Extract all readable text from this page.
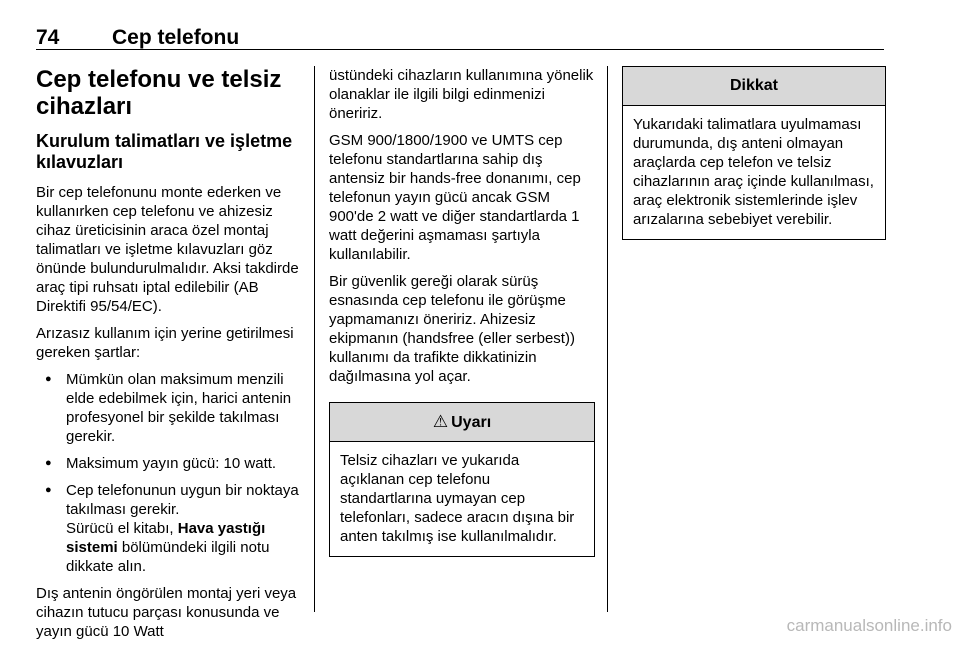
74	Cep telefonu
Cep telefonu ve telsiz cihazları
Kurulum talimatları ve işletme kılavuzları

Bir cep telefonunu monte ederken ve kullanırken cep telefonu ve ahizesiz cihaz üreticisinin araca özel montaj talimatları ve işletme kılavuzları göz önünde bulundurulmalıdır. Aksi takdirde araç tipi ruhsatı iptal edilebilir (AB Direktifi 95/54/EC).

Arızasız kullanım için yerine getirilmesi gereken şartlar:

● Mümkün olan maksimum menzili elde edebilmek için, harici antenin profesyonel bir şekilde takılması gerekir.
● Maksimum yayın gücü: 10 watt.
● Cep telefonunun uygun bir noktaya takılması gerekir.
Sürücü el kitabı, Hava yastığı sistemi bölümündeki ilgili notu dikkate alın.

Dış antenin öngörülen montaj yeri veya cihazın tutucu parçası konusunda ve yayın gücü 10 Watt

üstündeki cihazların kullanımına yönelik olanaklar ile ilgili bilgi edinmenizi öneririz.

GSM 900/1800/1900 ve UMTS cep telefonu standartlarına sahip dış antensiz bir hands-free donanımı, cep telefonun yayın gücü ancak GSM 900'de 2 watt ve diğer standartlarda 1 watt değerini aşmaması şartıyla kullanılabilir.

Bir güvenlik gereği olarak sürüş esnasında cep telefonu ile görüşme yapmamanızı öneririz. Ahizesiz ekipmanın (handsfree (eller serbest)) kullanımı da trafikte dikkatinizin dağılmasına yol açar.

⚠ Uyarı

Telsiz cihazları ve yukarıda açıklanan cep telefonu standartlarına uymayan cep telefonları, sadece aracın dışına bir anten takılmış ise kullanılmalıdır.

Dikkat

Yukarıdaki talimatlara uyulmaması durumunda, dış anteni olmayan araçlarda cep telefon ve telsiz cihazlarının araç içinde kullanılması, araç elektronik sistemlerinde işlev arızalarına sebebiyet verebilir.

carmanualsonline.info
